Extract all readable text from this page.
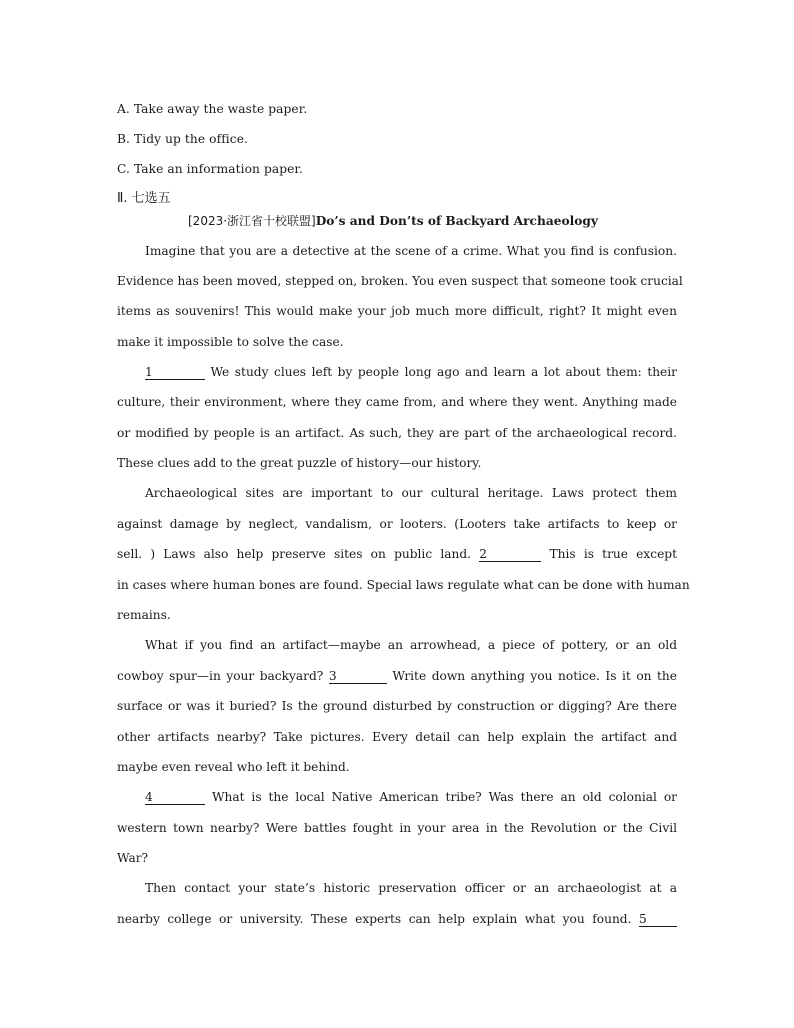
A. Take away the waste paper.
B. Tidy up the office.
C. Take an information paper.
Ⅱ. 七选五
[2023·浙江省十校联盟]Do’s and Don’ts of Backyard Archaeology
Imagine that you are a detective at the scene of a crime. What you find is confusion.
Evidence has been moved, stepped on, broken. You even suspect that someone took crucial
items as souvenirs! This would make your job much more difficult, right? It might even
make it impossible to solve the case.
1	We study clues left by people long ago and learn a lot about them: their
culture, their environment, where they came from, and where they went. Anything made
or modified by people is an artifact. As such, they are part of the archaeological record.
These clues add to the great puzzle of history—our history.
Archaeological sites are important to our cultural heritage. Laws protect them
against damage by neglect, vandalism, or looters. (Looters take artifacts to keep or
sell. ) Laws also help preserve sites on public land. 2	This is true except
in cases where human bones are found. Special laws regulate what can be done with human
remains.
What if you find an artifact—maybe an arrowhead, a piece of pottery, or an old
cowboy spur—in your backyard? 3	Write down anything you notice. Is it on the
surface or was it buried? Is the ground disturbed by construction or digging? Are there
other artifacts nearby? Take pictures. Every detail can help explain the artifact and
maybe even reveal who left it behind.
4	What is the local Native American tribe? Was there an old colonial or
western town nearby? Were battles fought in your area in the Revolution or the Civil
War?
Then contact your state’s historic preservation officer or an archaeologist at a
nearby college or university. These experts can help explain what you found. 5
